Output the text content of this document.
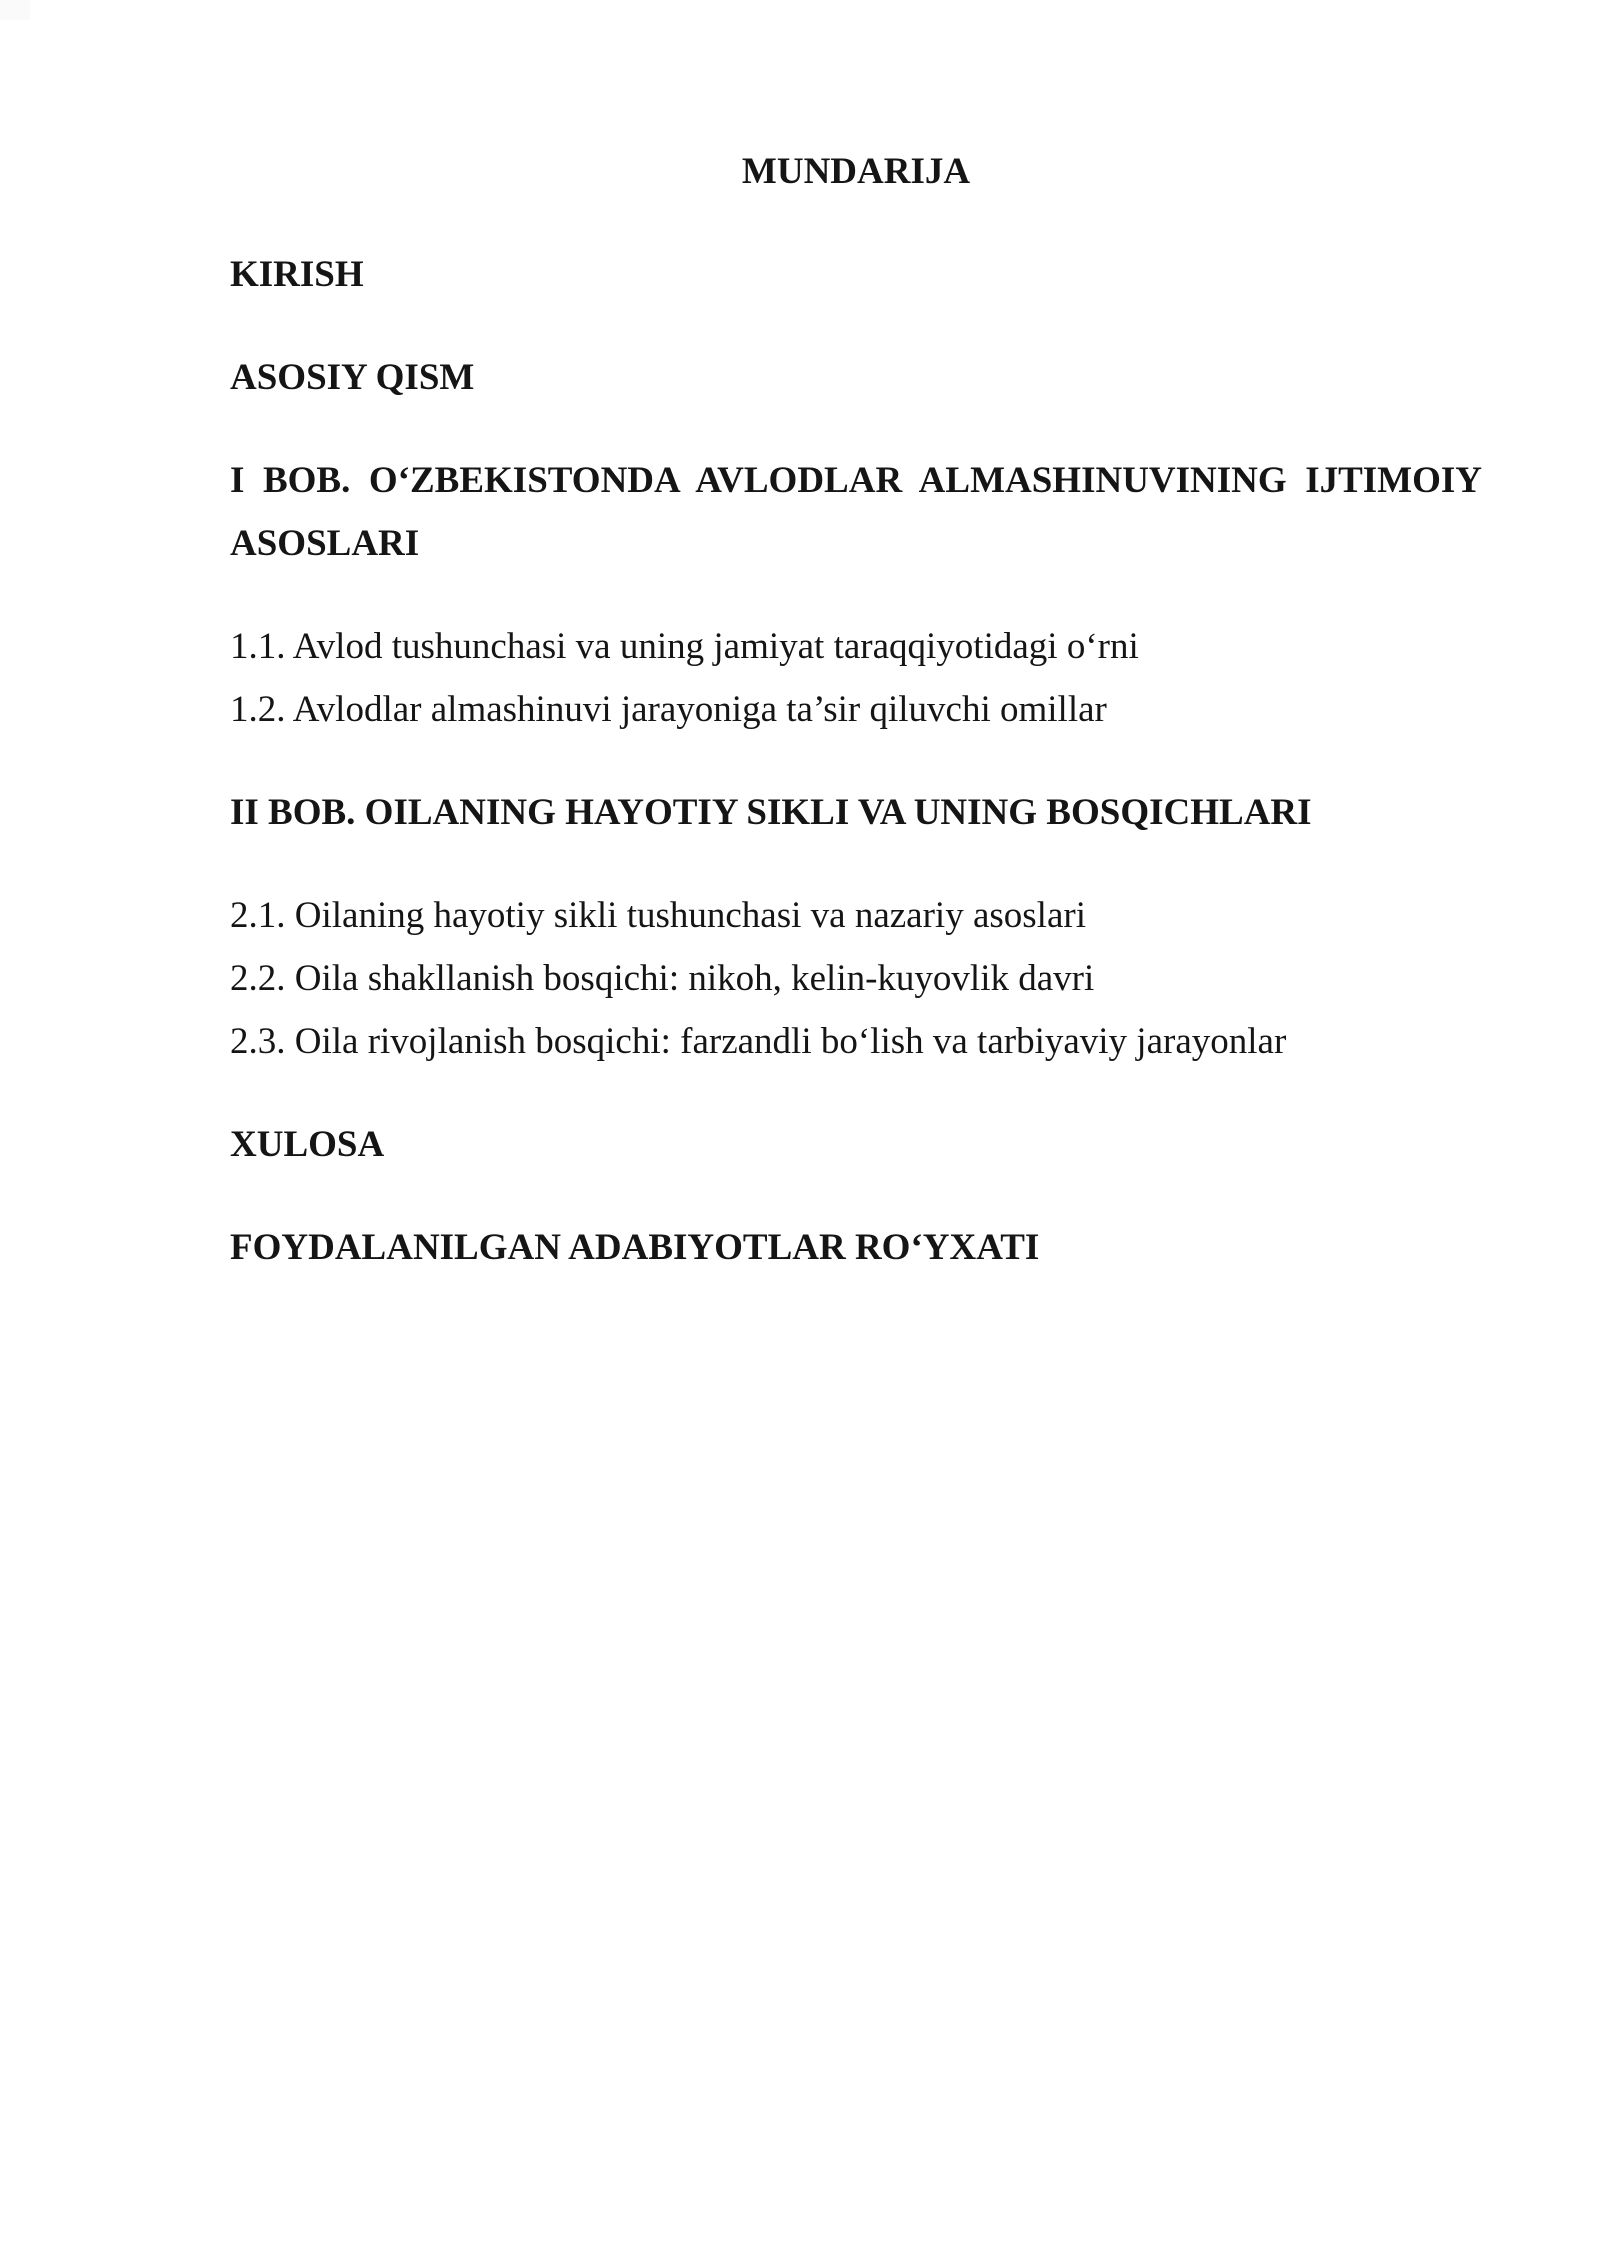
MUNDARIJA

KIRISH

ASOSIY QISM

I BOB. OʻZBEKISTONDA AVLODLAR ALMASHINUVINING IJTIMOIY ASOSLARI

1.1. Avlod tushunchasi va uning jamiyat taraqqiyotidagi oʻrni

1.2. Avlodlar almashinuvi jarayoniga ta’sir qiluvchi omillar

II BOB. OILANING HAYOTIY SIKLI VA UNING BOSQICHLARI

2.1. Oilaning hayotiy sikli tushunchasi va nazariy asoslari

2.2. Oila shakllanish bosqichi: nikoh, kelin-kuyovlik davri

2.3. Oila rivojlanish bosqichi: farzandli boʻlish va tarbiyaviy jarayonlar

XULOSA

FOYDALANILGAN ADABIYOTLAR ROʻYXATI
